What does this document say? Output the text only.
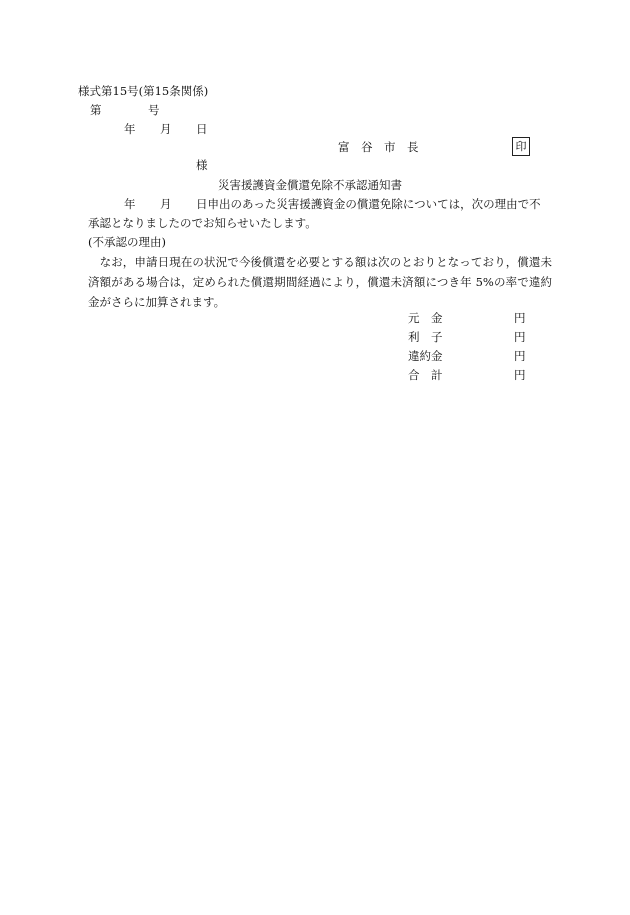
様式第15号(第15条関係)
第	号
年 月 日
富　谷　市　長	印
様
災害援護資金償還免除不承認通知書
年 月 日申出のあった災害援護資金の償還免除については，次の理由で不
承認となりましたのでお知らせいたします。
(不承認の理由)
　なお，申請日現在の状況で今後償還を必要とする額は次のとおりとなっており，償還未済額がある場合は，定められた償還期間経過により，償還未済額につき年 5%の率で違約金がさらに加算されます。
元　金	円
利　子	円
違約金	円
合　計	円
